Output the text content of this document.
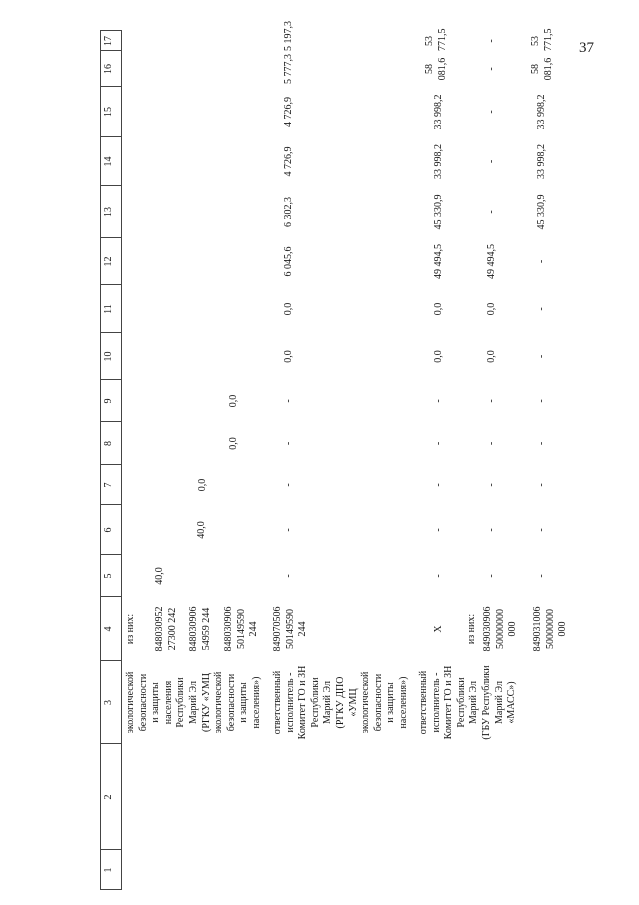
37
1
2
3
4
5
6
7
8
9
10
11
12
13
14
15
16
17
экологической безопасности и защиты населения Республики Марий Эл (РГКУ «УМЦ экологической безопасности и защиты населения»)
из них: 848030952 27300 242
40,0
848030906 54959 244
40,0
0,0
848030906 50149590 244
0,0
0,0
ответственный исполнитель - Комитет ГО и ЗН Республики Марий Эл (РГКУ ДПО «УМЦ экологической безопасности и защиты населения»)
849070506 50149590 244
-
-
-
-
-
0,0
0,0
6 045,6
6 302,3
4 726,9
4 726,9
5 777,3
5 197,3
ответственный исполнитель - Комитет ГО и ЗН Республики Марий Эл (ГБУ Республики Марий Эл «МАСС»)
X
-
-
-
-
-
0,0
0,0
49 494,5
45 330,9
33 998,2
33 998,2
58 081,6
53 771,5
из них: 849030906 50000000 000
-
-
-
-
-
0,0
0,0
49 494,5
-
-
-
-
-
849031006 50000000 000
-
-
-
-
-
-
-
-
45 330,9
33 998,2
33 998,2
58 081,6
53 771,5
